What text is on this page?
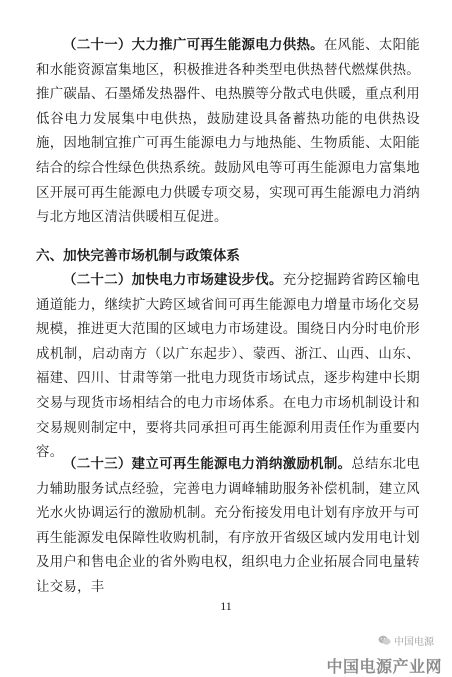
（二十一）大力推广可再生能源电力供热。在风能、太阳能和水能资源富集地区，积极推进各种类型电供热替代燃煤供热。推广碳晶、石墨烯发热器件、电热膜等分散式电供暖，重点利用低谷电力发展集中电供热，鼓励建设具备蓄热功能的电供热设施，因地制宜推广可再生能源电力与地热能、生物质能、太阳能结合的综合性绿色供热系统。鼓励风电等可再生能源电力富集地区开展可再生能源电力供暖专项交易，实现可再生能源电力消纳与北方地区清洁供暖相互促进。

六、加快完善市场机制与政策体系

（二十二）加快电力市场建设步伐。充分挖掘跨省跨区输电通道能力，继续扩大跨区域省间可再生能源电力增量市场化交易规模，推进更大范围的区域电力市场建设。围绕日内分时电价形成机制，启动南方（以广东起步）、蒙西、浙江、山西、山东、福建、四川、甘肃等第一批电力现货市场试点，逐步构建中长期交易与现货市场相结合的电力市场体系。在电力市场机制设计和交易规则制定中，要将共同承担可再生能源利用责任作为重要内容。

（二十三）建立可再生能源电力消纳激励机制。总结东北电力辅助服务试点经验，完善电力调峰辅助服务补偿机制，建立风光水火协调运行的激励机制。充分衔接发用电计划有序放开与可再生能源发电保障性收购机制，有序放开省级区域内发用电计划及用户和售电企业的省外购电权，组织电力企业拓展合同电量转让交易，丰

11
中国电源
中国电源产业网
